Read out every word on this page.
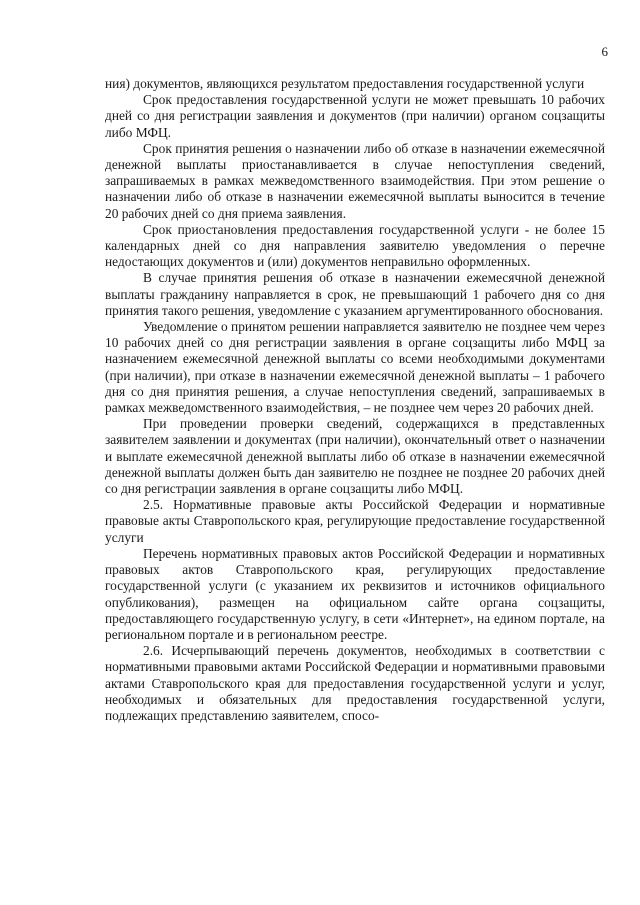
6

ния) документов, являющихся результатом предоставления государственной услуги

Срок предоставления государственной услуги не может превышать 10 рабочих дней со дня регистрации заявления и документов (при наличии) органом соцзащиты либо МФЦ.

Срок принятия решения о назначении либо об отказе в назначении ежемесячной денежной выплаты приостанавливается в случае непоступления сведений, запрашиваемых в рамках межведомственного взаимодействия. При этом решение о назначении либо об отказе в назначении ежемесячной выплаты выносится в течение 20 рабочих дней со дня приема заявления.

Срок приостановления предоставления государственной услуги - не более 15 календарных дней со дня направления заявителю уведомления о перечне недостающих документов и (или) документов неправильно оформленных.

В случае принятия решения об отказе в назначении ежемесячной денежной выплаты гражданину направляется в срок, не превышающий 1 рабочего дня со дня принятия такого решения, уведомление с указанием аргументированного обоснования.

Уведомление о принятом решении направляется заявителю не позднее чем через 10 рабочих дней со дня регистрации заявления в органе соцзащиты либо МФЦ за назначением ежемесячной денежной выплаты со всеми необходимыми документами (при наличии), при отказе в назначении ежемесячной денежной выплаты – 1 рабочего дня со дня принятия решения, а случае непоступления сведений, запрашиваемых в рамках межведомственного взаимодействия, – не позднее чем через 20 рабочих дней.

При проведении проверки сведений, содержащихся в представленных заявителем заявлении и документах (при наличии), окончательный ответ о назначении и выплате ежемесячной денежной выплаты либо об отказе в назначении ежемесячной денежной выплаты должен быть дан заявителю не позднее не позднее 20 рабочих дней со дня регистрации заявления в органе соцзащиты либо МФЦ.

2.5. Нормативные правовые акты Российской Федерации и нормативные правовые акты Ставропольского края, регулирующие предоставление государственной услуги

Перечень нормативных правовых актов Российской Федерации и нормативных правовых актов Ставропольского края, регулирующих предоставление государственной услуги (с указанием их реквизитов и источников официального опубликования), размещен на официальном сайте органа соцзащиты, предоставляющего государственную услугу, в сети «Интернет», на едином портале, на региональном портале и в региональном реестре.

2.6. Исчерпывающий перечень документов, необходимых в соответствии с нормативными правовыми актами Российской Федерации и нормативными правовыми актами Ставропольского края для предоставления государственной услуги и услуг, необходимых и обязательных для предоставления государственной услуги, подлежащих представлению заявителем, спосо-
